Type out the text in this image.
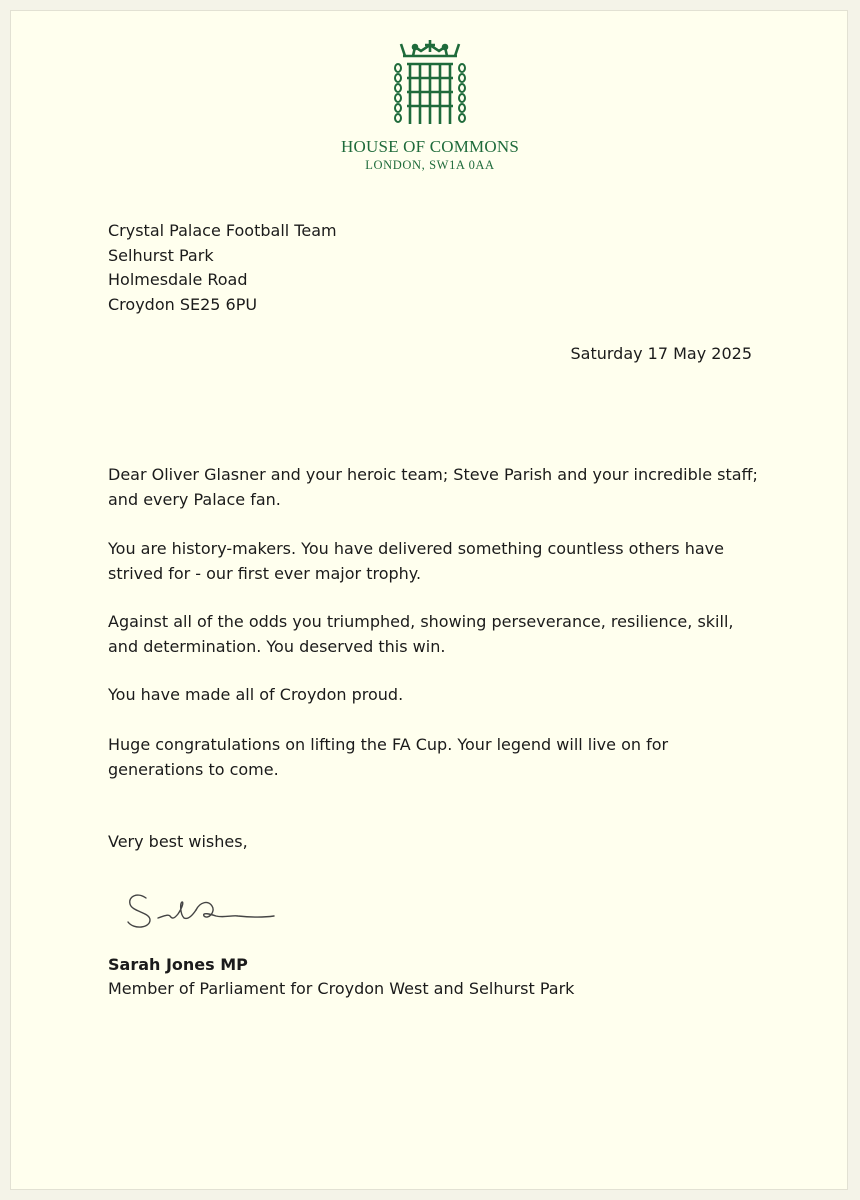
HOUSE OF COMMONS
LONDON, SW1A 0AA
Crystal Palace Football Team
Selhurst Park
Holmesdale Road
Croydon SE25 6PU
Saturday 17 May 2025
Dear Oliver Glasner and your heroic team; Steve Parish and your incredible staff; and every Palace fan.
You are history-makers. You have delivered something countless others have strived for - our first ever major trophy.
Against all of the odds you triumphed, showing perseverance, resilience, skill, and determination. You deserved this win.
You have made all of Croydon proud.
Huge congratulations on lifting the FA Cup. Your legend will live on for generations to come.
Very best wishes,
Sarah Jones MP
Member of Parliament for Croydon West and Selhurst Park
